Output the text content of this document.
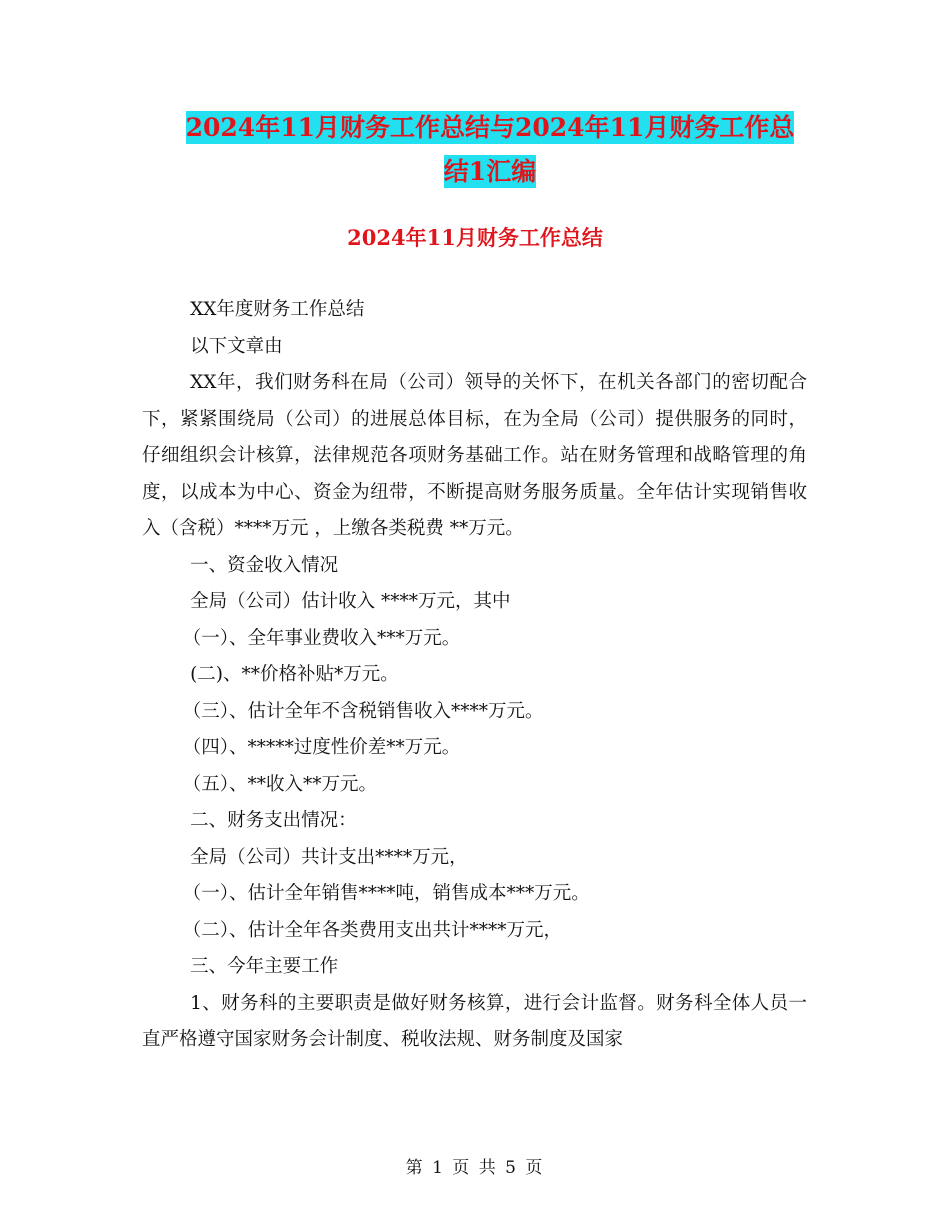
2024年11月财务工作总结与2024年11月财务工作总
结1汇编
2024年11月财务工作总结

XX年度财务工作总结

以下文章由

XX年，我们财务科在局（公司）领导的关怀下，在机关各部门的密切配合下，紧紧围绕局（公司）的进展总体目标，在为全局（公司）提供服务的同时，仔细组织会计核算，法律规范各项财务基础工作。站在财务管理和战略管理的角度，以成本为中心、资金为纽带，不断提高财务服务质量。全年估计实现销售收入（含税）****万元 ，上缴各类税费 **万元。

一、资金收入情况

全局（公司）估计收入 ****万元，其中

（一）、全年事业费收入***万元。

(二)、**价格补贴*万元。

（三）、估计全年不含税销售收入****万元。

（四）、*****过度性价差**万元。

（五）、**收入**万元。

二、财务支出情况：

全局（公司）共计支出****万元，

（一）、估计全年销售****吨，销售成本***万元。

（二）、估计全年各类费用支出共计****万元，

三、今年主要工作

1、财务科的主要职责是做好财务核算，进行会计监督。财务科全体人员一直严格遵守国家财务会计制度、税收法规、财务制度及国家

第 1 页 共 5 页
